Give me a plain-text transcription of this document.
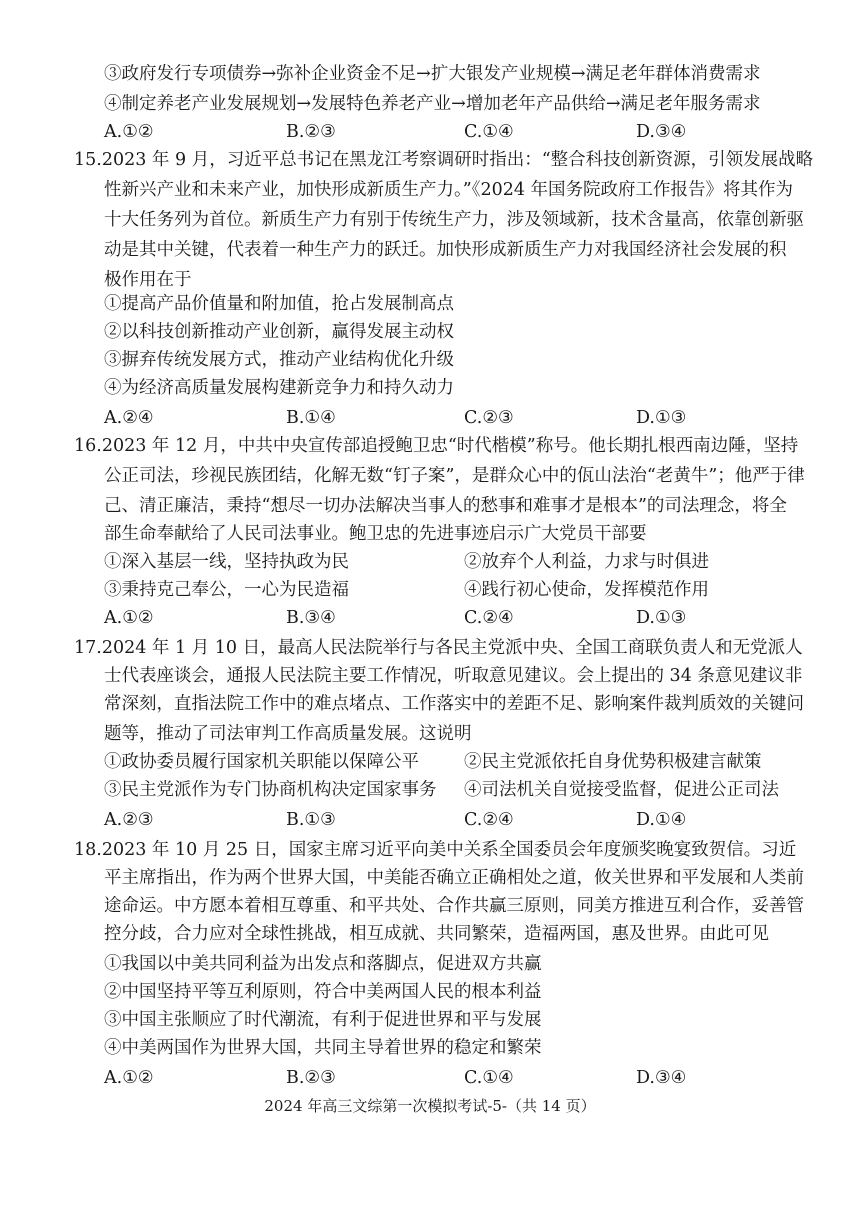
③政府发行专项债券→弥补企业资金不足→扩大银发产业规模→满足老年群体消费需求
④制定养老产业发展规划→发展特色养老产业→增加老年产品供给→满足老年服务需求
A.①②	B.②③	C.①④	D.③④
15.2023 年 9 月，习近平总书记在黑龙江考察调研时指出：“整合科技创新资源，引领发展战略
性新兴产业和未来产业，加快形成新质生产力。”《2024 年国务院政府工作报告》将其作为
十大任务列为首位。新质生产力有别于传统生产力，涉及领域新，技术含量高，依靠创新驱
动是其中关键，代表着一种生产力的跃迁。加快形成新质生产力对我国经济社会发展的积
极作用在于
①提高产品价值量和附加值，抢占发展制高点
②以科技创新推动产业创新，赢得发展主动权
③摒弃传统发展方式，推动产业结构优化升级
④为经济高质量发展构建新竞争力和持久动力
A.②④	B.①④	C.②③	D.①③
16.2023 年 12 月，中共中央宣传部追授鲍卫忠“时代楷模”称号。他长期扎根西南边陲，坚持
公正司法，珍视民族团结，化解无数“钉子案”，是群众心中的佤山法治“老黄牛”；他严于律
己、清正廉洁，秉持“想尽一切办法解决当事人的愁事和难事才是根本”的司法理念，将全
部生命奉献给了人民司法事业。鲍卫忠的先进事迹启示广大党员干部要
①深入基层一线，坚持执政为民	②放弃个人利益，力求与时俱进
③秉持克己奉公，一心为民造福	④践行初心使命，发挥模范作用
A.①②	B.③④	C.②④	D.①③
17.2024 年 1 月 10 日，最高人民法院举行与各民主党派中央、全国工商联负责人和无党派人
士代表座谈会，通报人民法院主要工作情况，听取意见建议。会上提出的 34 条意见建议非
常深刻，直指法院工作中的难点堵点、工作落实中的差距不足、影响案件裁判质效的关键问
题等，推动了司法审判工作高质量发展。这说明
①政协委员履行国家机关职能以保障公平	②民主党派依托自身优势积极建言献策
③民主党派作为专门协商机构决定国家事务 ④司法机关自觉接受监督，促进公正司法
A.②③	B.①③	C.②④	D.①④
18.2023 年 10 月 25 日，国家主席习近平向美中关系全国委员会年度颁奖晚宴致贺信。习近
平主席指出，作为两个世界大国，中美能否确立正确相处之道，攸关世界和平发展和人类前
途命运。中方愿本着相互尊重、和平共处、合作共赢三原则，同美方推进互利合作，妥善管
控分歧，合力应对全球性挑战，相互成就、共同繁荣，造福两国，惠及世界。由此可见
①我国以中美共同利益为出发点和落脚点，促进双方共赢
②中国坚持平等互利原则，符合中美两国人民的根本利益
③中国主张顺应了时代潮流，有利于促进世界和平与发展
④中美两国作为世界大国，共同主导着世界的稳定和繁荣
A.①②	B.②③	C.①④	D.③④
2024 年高三文综第一次模拟考试-5-（共 14 页）
